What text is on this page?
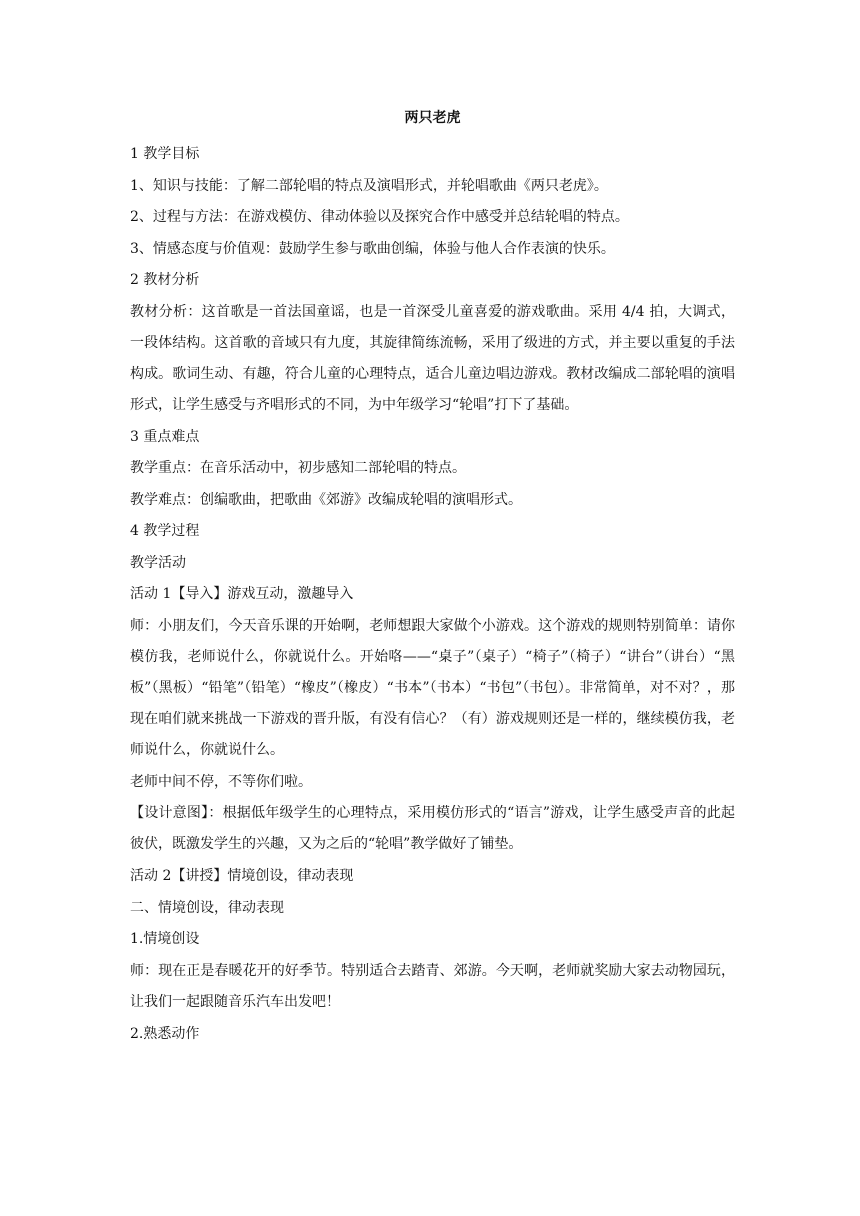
两只老虎
1 教学目标
1、知识与技能：了解二部轮唱的特点及演唱形式，并轮唱歌曲《两只老虎》。
2、过程与方法：在游戏模仿、律动体验以及探究合作中感受并总结轮唱的特点。
3、情感态度与价值观：鼓励学生参与歌曲创编，体验与他人合作表演的快乐。
2 教材分析
教材分析：这首歌是一首法国童谣，也是一首深受儿童喜爱的游戏歌曲。采用 4/4 拍，大调式，一段体结构。这首歌的音域只有九度，其旋律简练流畅，采用了级进的方式，并主要以重复的手法构成。歌词生动、有趣，符合儿童的心理特点，适合儿童边唱边游戏。教材改编成二部轮唱的演唱形式，让学生感受与齐唱形式的不同，为中年级学习“轮唱”打下了基础。
3 重点难点
教学重点：在音乐活动中，初步感知二部轮唱的特点。
教学难点：创编歌曲，把歌曲《郊游》改编成轮唱的演唱形式。
4 教学过程
教学活动
活动 1【导入】游戏互动，激趣导入
师：小朋友们，今天音乐课的开始啊，老师想跟大家做个小游戏。这个游戏的规则特别简单：请你模仿我，老师说什么，你就说什么。开始咯——“桌子”（桌子）“椅子”（椅子）“讲台”（讲台）“黑板”（黑板）“铅笔”（铅笔）“橡皮”（橡皮）“书本”（书本）“书包”（书包）。非常简单，对不对？，那现在咱们就来挑战一下游戏的晋升版，有没有信心？（有）游戏规则还是一样的，继续模仿我，老师说什么，你就说什么。
老师中间不停，不等你们啦。
【设计意图】：根据低年级学生的心理特点，采用模仿形式的“语言”游戏，让学生感受声音的此起彼伏，既激发学生的兴趣，又为之后的“轮唱”教学做好了铺垫。
活动 2【讲授】情境创设，律动表现
二、情境创设，律动表现
1.情境创设
师：现在正是春暖花开的好季节。特别适合去踏青、郊游。今天啊，老师就奖励大家去动物园玩，让我们一起跟随音乐汽车出发吧！
2.熟悉动作
